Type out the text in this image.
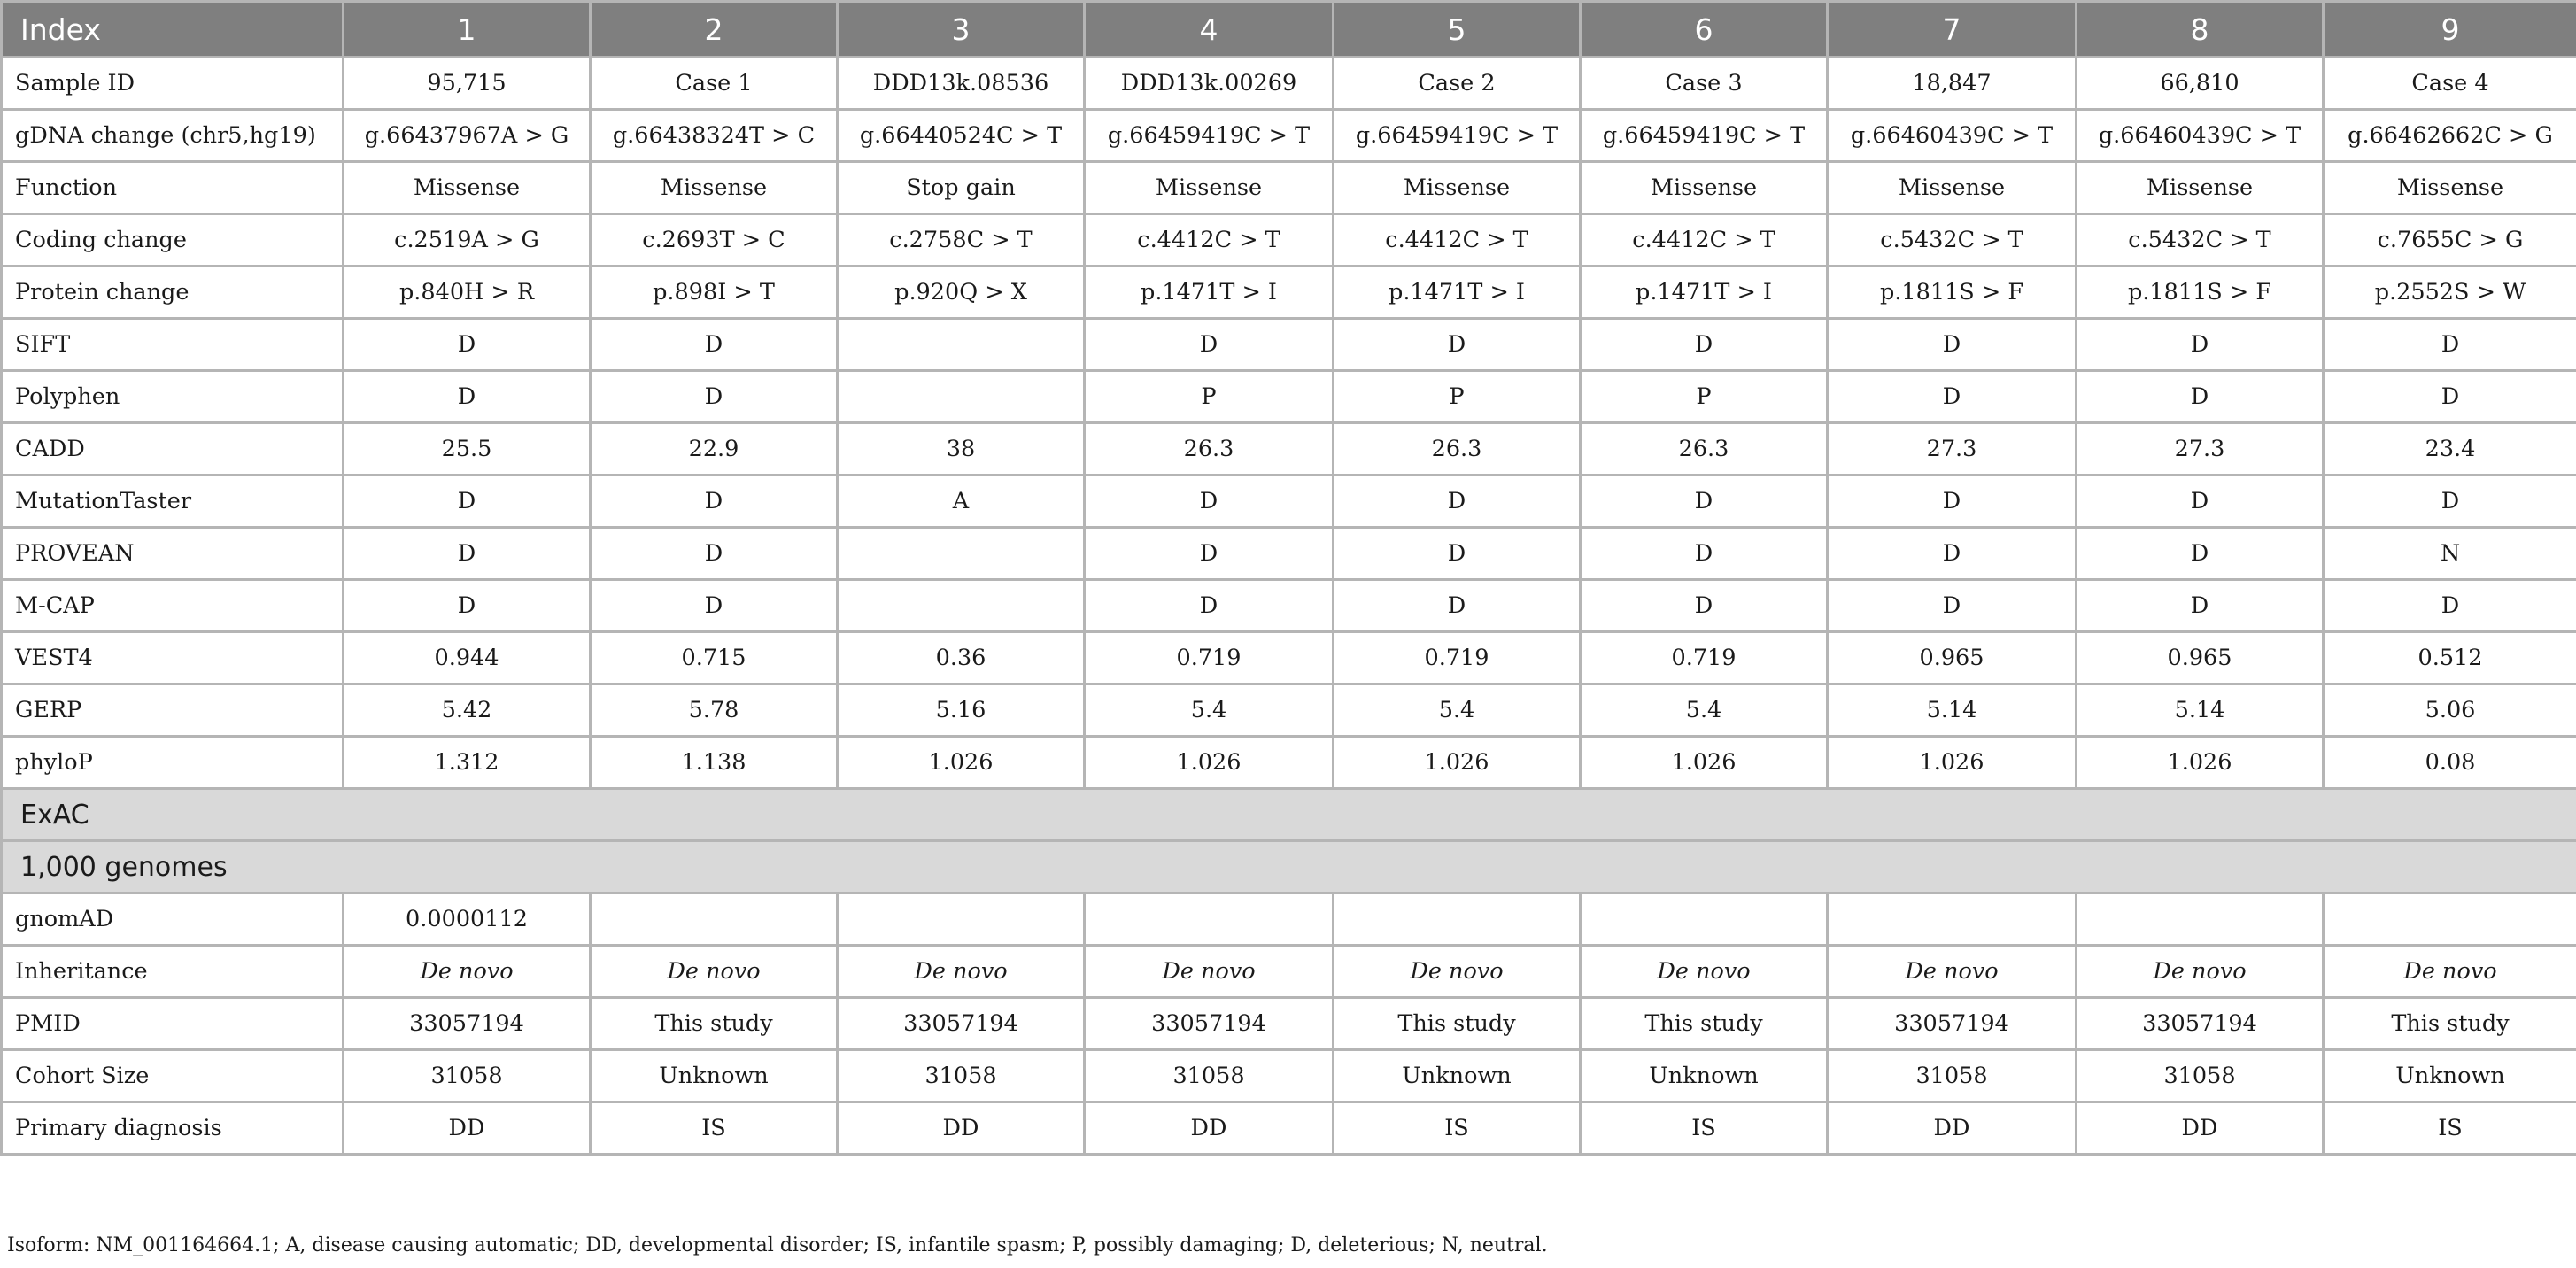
Index	1	2	3	4	5	6	7	8	9
Sample ID	95,715	Case 1	DDD13k.08536	DDD13k.00269	Case 2	Case 3	18,847	66,810	Case 4
gDNA change (chr5,hg19)	g.66437967A > G	g.66438324T > C	g.66440524C > T	g.66459419C > T	g.66459419C > T	g.66459419C > T	g.66460439C > T	g.66460439C > T	g.66462662C > G
Function	Missense	Missense	Stop gain	Missense	Missense	Missense	Missense	Missense	Missense
Coding change	c.2519A > G	c.2693T > C	c.2758C > T	c.4412C > T	c.4412C > T	c.4412C > T	c.5432C > T	c.5432C > T	c.7655C > G
Protein change	p.840H > R	p.898I > T	p.920Q > X	p.1471T > I	p.1471T > I	p.1471T > I	p.1811S > F	p.1811S > F	p.2552S > W
SIFT	D	D		D	D	D	D	D	D
Polyphen	D	D		P	P	P	D	D	D
CADD	25.5	22.9	38	26.3	26.3	26.3	27.3	27.3	23.4
MutationTaster	D	D	A	D	D	D	D	D	D
PROVEAN	D	D		D	D	D	D	D	N
M-CAP	D	D		D	D	D	D	D	D
VEST4	0.944	0.715	0.36	0.719	0.719	0.719	0.965	0.965	0.512
GERP	5.42	5.78	5.16	5.4	5.4	5.4	5.14	5.14	5.06
phyloP	1.312	1.138	1.026	1.026	1.026	1.026	1.026	1.026	0.08
ExAC									
1,000 genomes									
gnomAD	0.0000112								
Inheritance	De novo	De novo	De novo	De novo	De novo	De novo	De novo	De novo	De novo
PMID	33057194	This study	33057194	33057194	This study	This study	33057194	33057194	This study
Cohort Size	31058	Unknown	31058	31058	Unknown	Unknown	31058	31058	Unknown
Primary diagnosis	DD	IS	DD	DD	IS	IS	DD	DD	IS
Isoform: NM_001164664.1; A, disease causing automatic; DD, developmental disorder; IS, infantile spasm; P, possibly damaging; D, deleterious; N, neutral.
